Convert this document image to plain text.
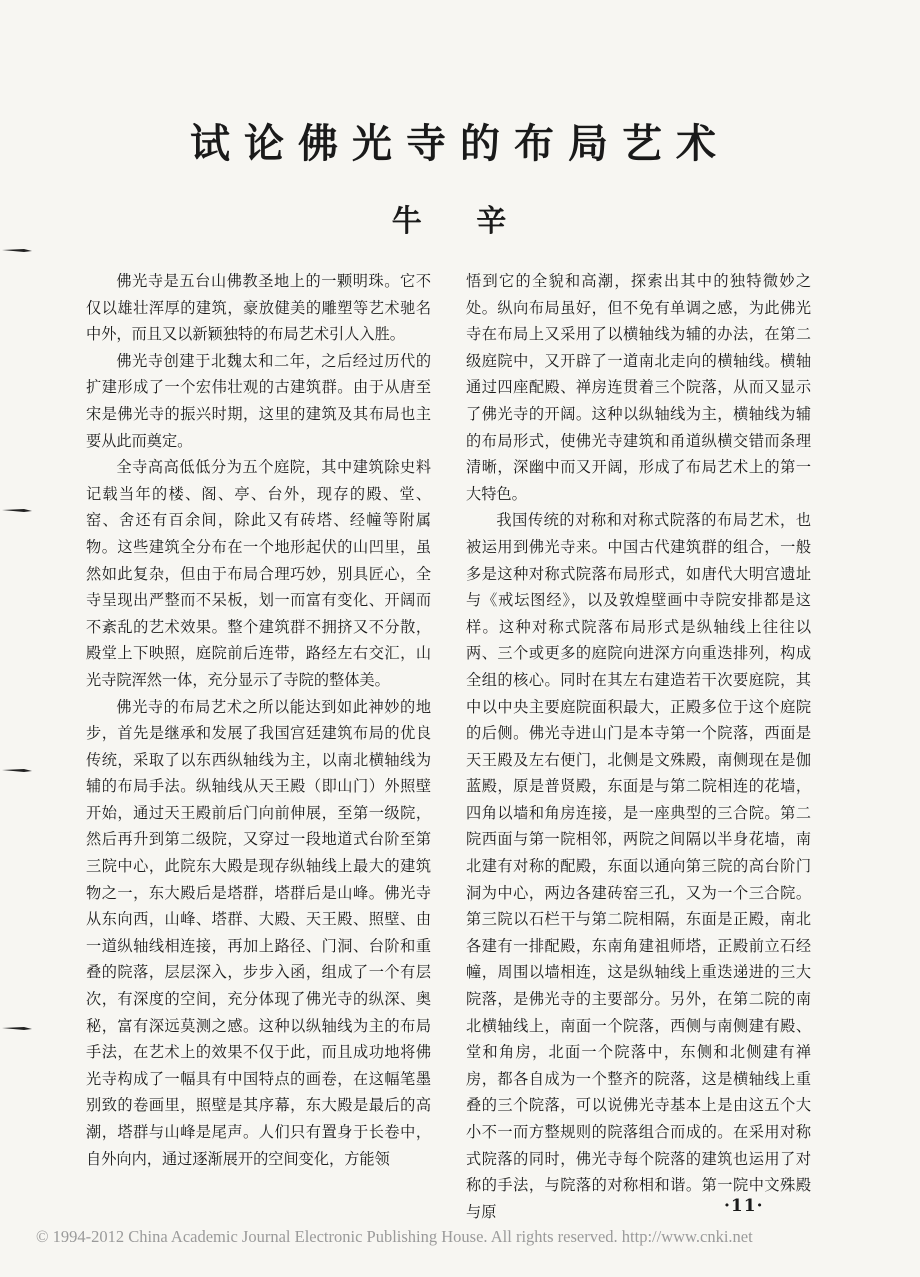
试论佛光寺的布局艺术
牛 辛

佛光寺是五台山佛教圣地上的一颗明珠。它不仅以雄壮浑厚的建筑，豪放健美的雕塑等艺术驰名中外，而且又以新颖独特的布局艺术引人入胜。

佛光寺创建于北魏太和二年，之后经过历代的扩建形成了一个宏伟壮观的古建筑群。由于从唐至宋是佛光寺的振兴时期，这里的建筑及其布局也主要从此而奠定。

全寺高高低低分为五个庭院，其中建筑除史料记载当年的楼、阁、亭、台外，现存的殿、堂、窑、舍还有百余间，除此又有砖塔、经幢等附属物。这些建筑全分布在一个地形起伏的山凹里，虽然如此复杂，但由于布局合理巧妙，别具匠心，全寺呈现出严整而不呆板，划一而富有变化、开阔而不紊乱的艺术效果。整个建筑群不拥挤又不分散，殿堂上下映照，庭院前后连带，路经左右交汇，山光寺院浑然一体，充分显示了寺院的整体美。

佛光寺的布局艺术之所以能达到如此神妙的地步，首先是继承和发展了我国宫廷建筑布局的优良传统，采取了以东西纵轴线为主，以南北横轴线为辅的布局手法。纵轴线从天王殿（即山门）外照壁开始，通过天王殿前后门向前伸展，至第一级院，然后再升到第二级院，又穿过一段地道式台阶至第三院中心，此院东大殿是现存纵轴线上最大的建筑物之一，东大殿后是塔群，塔群后是山峰。佛光寺从东向西，山峰、塔群、大殿、天王殿、照壁、由一道纵轴线相连接，再加上路径、门洞、台阶和重叠的院落，层层深入，步步入函，组成了一个有层次，有深度的空间，充分体现了佛光寺的纵深、奥秘，富有深远莫测之感。这种以纵轴线为主的布局手法，在艺术上的效果不仅于此，而且成功地将佛光寺构成了一幅具有中国特点的画卷，在这幅笔墨别致的卷画里，照壁是其序幕，东大殿是最后的高潮，塔群与山峰是尾声。人们只有置身于长卷中，自外向内，通过逐渐展开的空间变化，方能领

悟到它的全貌和高潮，探索出其中的独特微妙之处。纵向布局虽好，但不免有单调之感，为此佛光寺在布局上又采用了以横轴线为辅的办法，在第二级庭院中，又开辟了一道南北走向的横轴线。横轴通过四座配殿、禅房连贯着三个院落，从而又显示了佛光寺的开阔。这种以纵轴线为主，横轴线为辅的布局形式，使佛光寺建筑和甬道纵横交错而条理清晰，深幽中而又开阔，形成了布局艺术上的第一大特色。

我国传统的对称和对称式院落的布局艺术，也被运用到佛光寺来。中国古代建筑群的组合，一般多是这种对称式院落布局形式，如唐代大明宫遗址与《戒坛图经》，以及敦煌壁画中寺院安排都是这样。这种对称式院落布局形式是纵轴线上往往以两、三个或更多的庭院向进深方向重迭排列，构成全组的核心。同时在其左右建造若干次要庭院，其中以中央主要庭院面积最大，正殿多位于这个庭院的后侧。佛光寺进山门是本寺第一个院落，西面是天王殿及左右便门，北侧是文殊殿，南侧现在是伽蓝殿，原是普贤殿，东面是与第二院相连的花墙，四角以墙和角房连接，是一座典型的三合院。第二院西面与第一院相邻，两院之间隔以半身花墙，南北建有对称的配殿，东面以通向第三院的高台阶门洞为中心，两边各建砖窑三孔，又为一个三合院。第三院以石栏干与第二院相隔，东面是正殿，南北各建有一排配殿，东南角建祖师塔，正殿前立石经幢，周围以墙相连，这是纵轴线上重迭递进的三大院落，是佛光寺的主要部分。另外，在第二院的南北横轴线上，南面一个院落，西侧与南侧建有殿、堂和角房，北面一个院落中，东侧和北侧建有禅房，都各自成为一个整齐的院落，这是横轴线上重叠的三个院落，可以说佛光寺基本上是由这五个大小不一而方整规则的院落组合而成的。在采用对称式院落的同时，佛光寺每个院落的建筑也运用了对称的手法，与院落的对称相和谐。第一院中文殊殿与原	·11·
© 1994-2012 China Academic Journal Electronic Publishing House. All rights reserved. http://www.cnki.net
